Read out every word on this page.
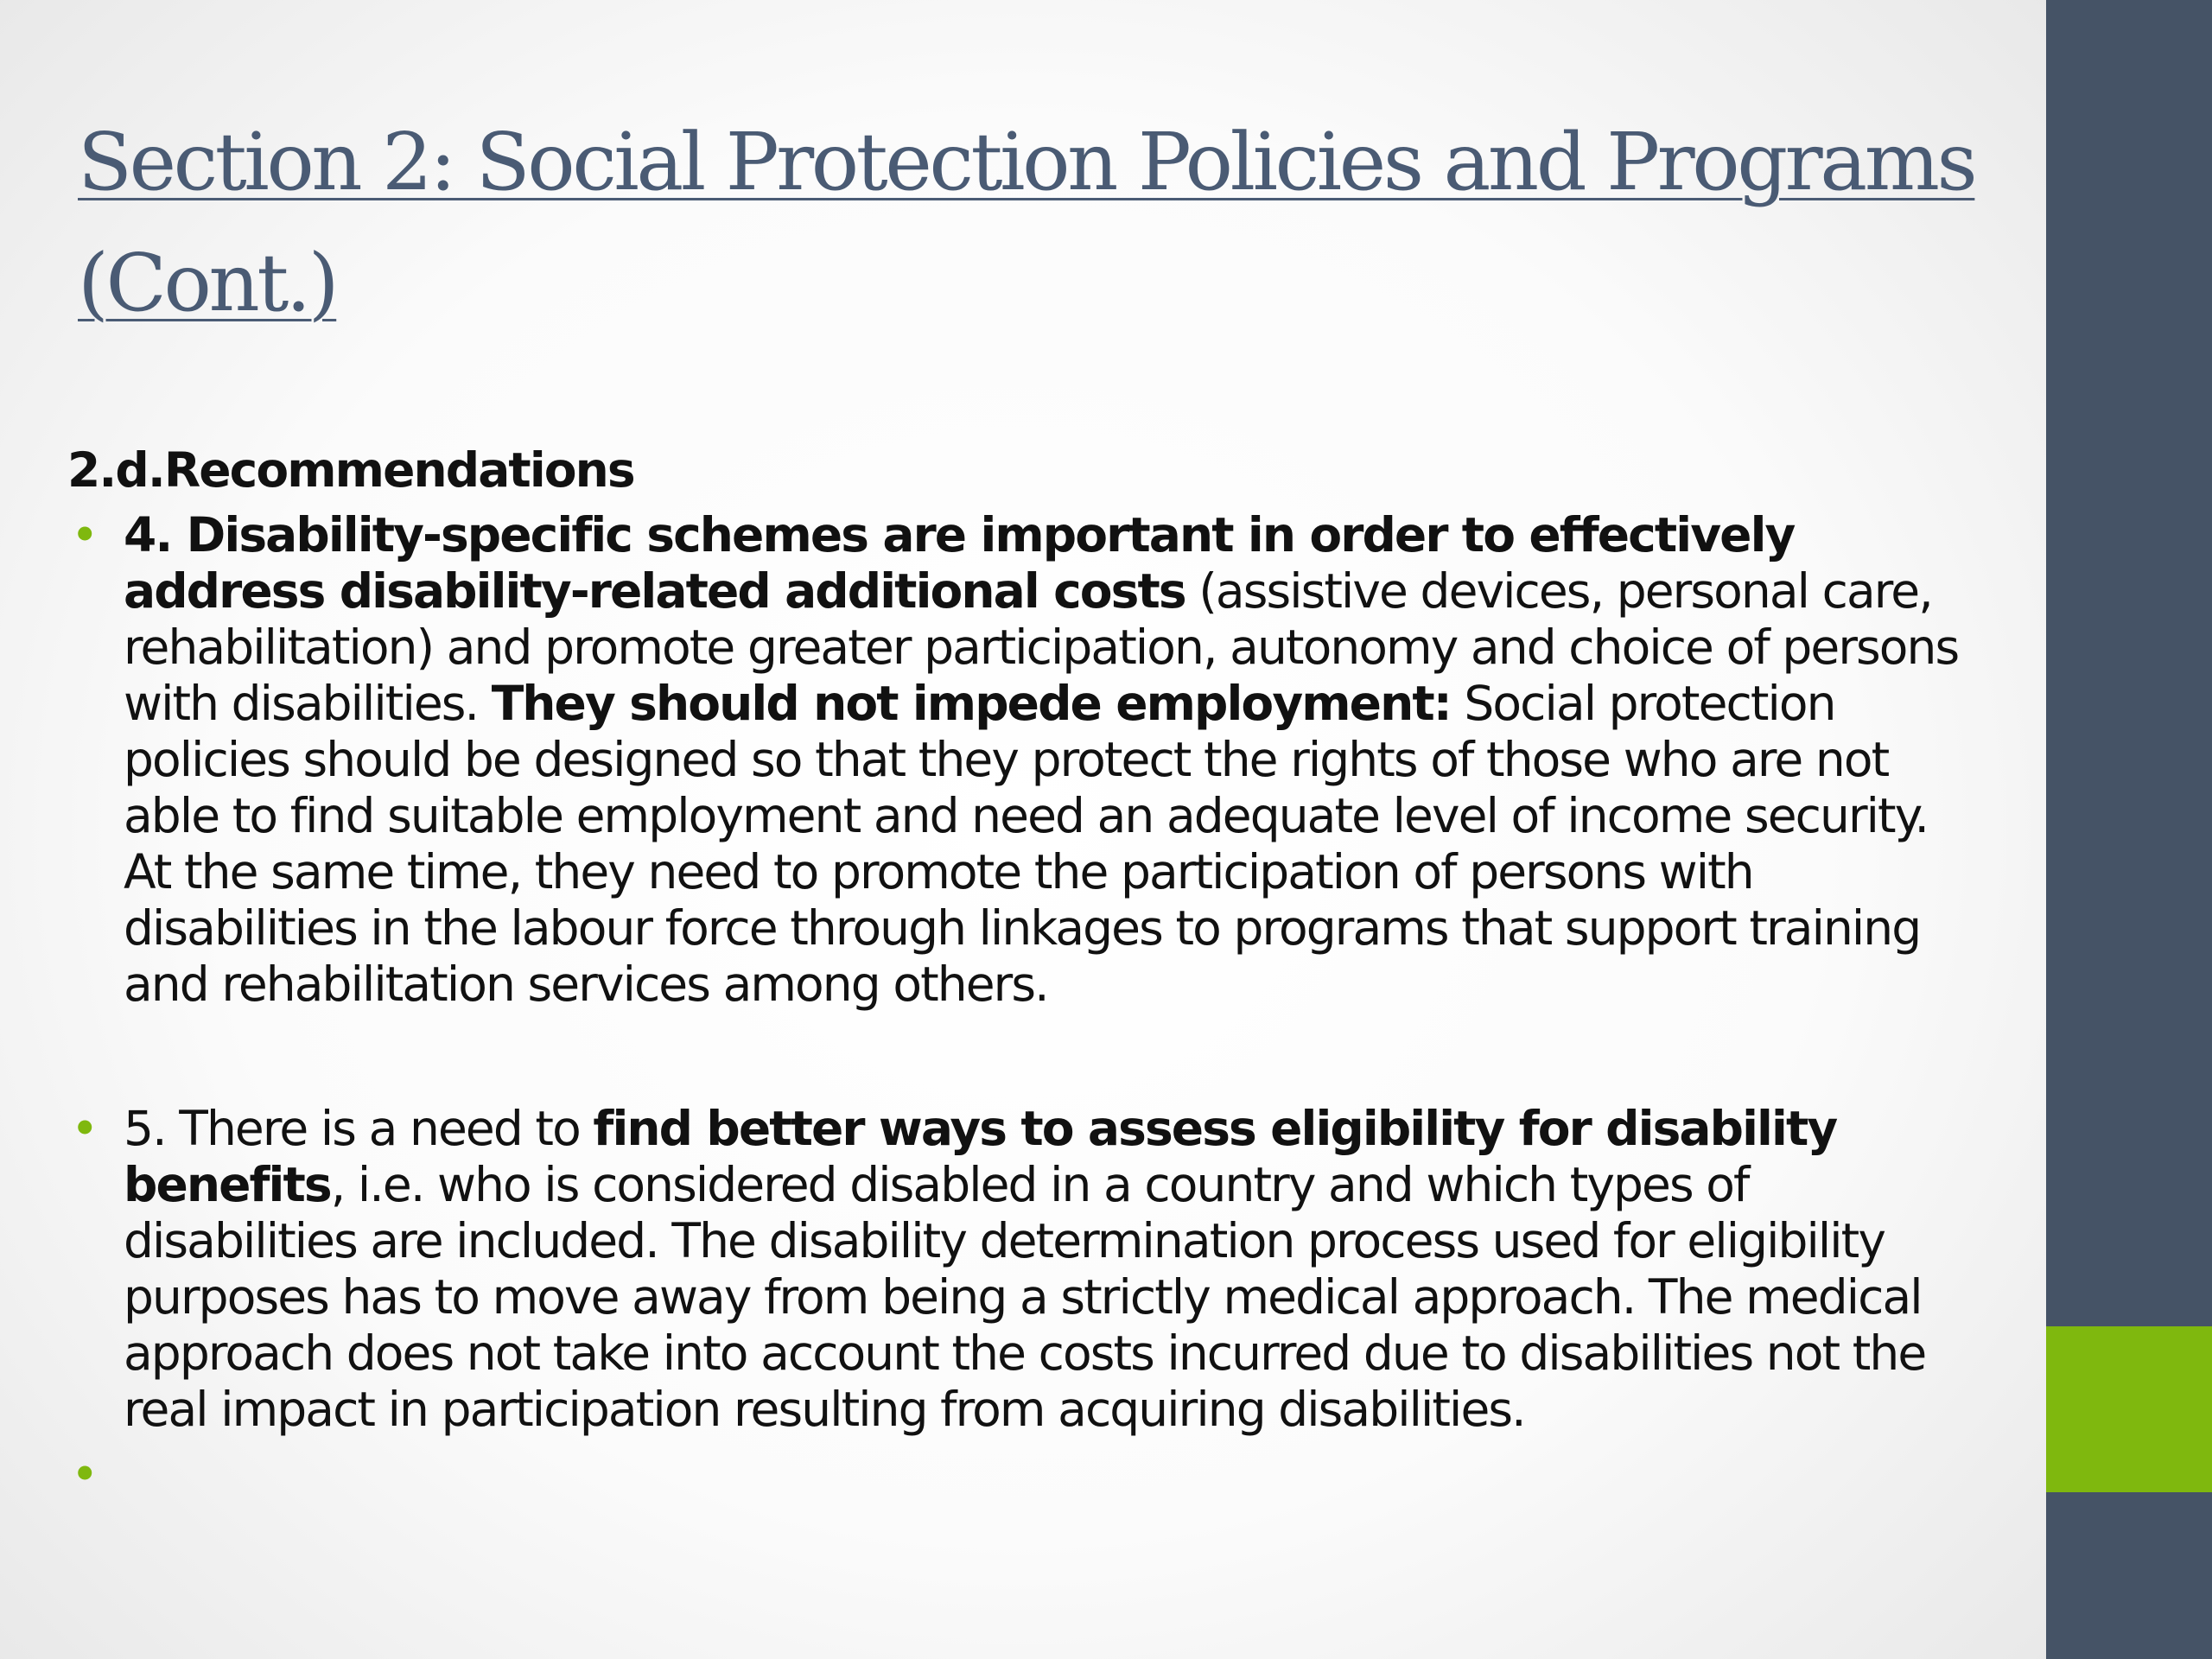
Section 2: Social Protection Policies and Programs
(Cont.)
2.d.Recommendations
• 4. Disability-specific schemes are important in order to effectively address disability-related additional costs (assistive devices, personal care, rehabilitation) and promote greater participation, autonomy and choice of persons with disabilities. They should not impede employment: Social protection policies should be designed so that they protect the rights of those who are not able to find suitable employment and need an adequate level of income security. At the same time, they need to promote the participation of persons with disabilities in the labour force through linkages to programs that support training and rehabilitation services among others.
• 5. There is a need to find better ways to assess eligibility for disability benefits, i.e. who is considered disabled in a country and which types of disabilities are included. The disability determination process used for eligibility purposes has to move away from being a strictly medical approach. The medical approach does not take into account the costs incurred due to disabilities not the real impact in participation resulting from acquiring disabilities.
•
